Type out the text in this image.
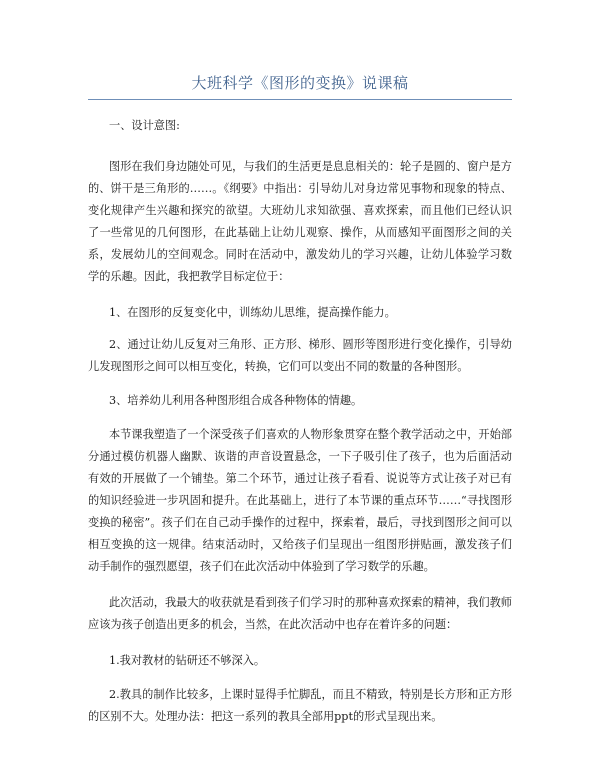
大班科学《图形的变换》说课稿

一、设计意图:

图形在我们身边随处可见，与我们的生活更是息息相关的：轮子是圆的、窗户是方的、饼干是三角形的……。《纲要》中指出：引导幼儿对身边常见事物和现象的特点、变化规律产生兴趣和探究的欲望。大班幼儿求知欲强、喜欢探索，而且他们已经认识了一些常见的几何图形，在此基础上让幼儿观察、操作，从而感知平面图形之间的关系，发展幼儿的空间观念。同时在活动中，激发幼儿的学习兴趣，让幼儿体验学习数学的乐趣。因此，我把教学目标定位于：

1、在图形的反复变化中，训练幼儿思维，提高操作能力。

2、通过让幼儿反复对三角形、正方形、梯形、圆形等图形进行变化操作，引导幼儿发现图形之间可以相互变化，转换，它们可以变出不同的数量的各种图形。

3、培养幼儿利用各种图形组合成各种物体的情趣。

本节课我塑造了一个深受孩子们喜欢的人物形象贯穿在整个教学活动之中，开始部分通过模仿机器人幽默、诙谐的声音设置悬念，一下子吸引住了孩子，也为后面活动有效的开展做了一个铺垫。第二个环节，通过让孩子看看、说说等方式让孩子对已有的知识经验进一步巩固和提升。在此基础上，进行了本节课的重点环节……“寻找图形变换的秘密”。孩子们在自己动手操作的过程中，探索着，最后，寻找到图形之间可以相互变换的这一规律。结束活动时，又给孩子们呈现出一组图形拼贴画，激发孩子们动手制作的强烈愿望，孩子们在此次活动中体验到了学习数学的乐趣。

此次活动，我最大的收获就是看到孩子们学习时的那种喜欢探索的精神，我们教师应该为孩子创造出更多的机会，当然，在此次活动中也存在着许多的问题：

1.我对教材的钻研还不够深入。

2.教具的制作比较多，上课时显得手忙脚乱，而且不精致，特别是长方形和正方形的区别不大。处理办法：把这一系列的教具全部用ppt的形式呈现出来。
